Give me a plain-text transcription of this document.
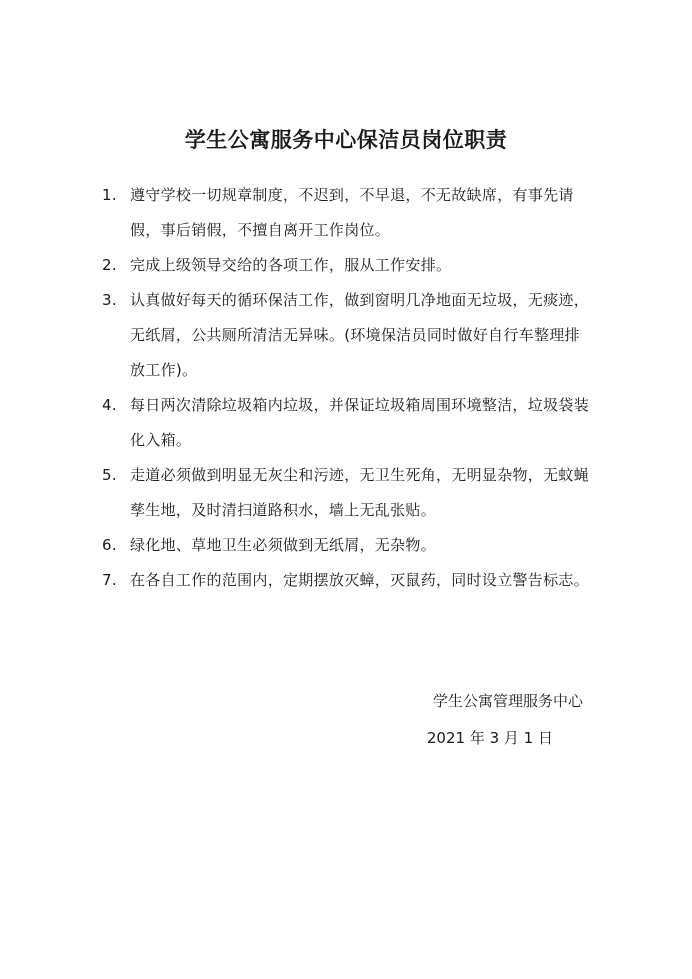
学生公寓服务中心保洁员岗位职责
1. 遵守学校一切规章制度，不迟到，不早退，不无故缺席，有事先请假，事后销假，不擅自离开工作岗位。
2. 完成上级领导交给的各项工作，服从工作安排。
3. 认真做好每天的循环保洁工作，做到窗明几净地面无垃圾，无痰迹，无纸屑，公共厕所清洁无异味。(环境保洁员同时做好自行车整理排放工作)。
4. 每日两次清除垃圾箱内垃圾，并保证垃圾箱周围环境整洁，垃圾袋装化入箱。
5. 走道必须做到明显无灰尘和污迹，无卫生死角，无明显杂物，无蚊蝇孳生地，及时清扫道路积水，墙上无乱张贴。
6. 绿化地、草地卫生必须做到无纸屑，无杂物。
7. 在各自工作的范围内，定期摆放灭蟑，灭鼠药，同时设立警告标志。
学生公寓管理服务中心
2021 年 3 月 1 日
